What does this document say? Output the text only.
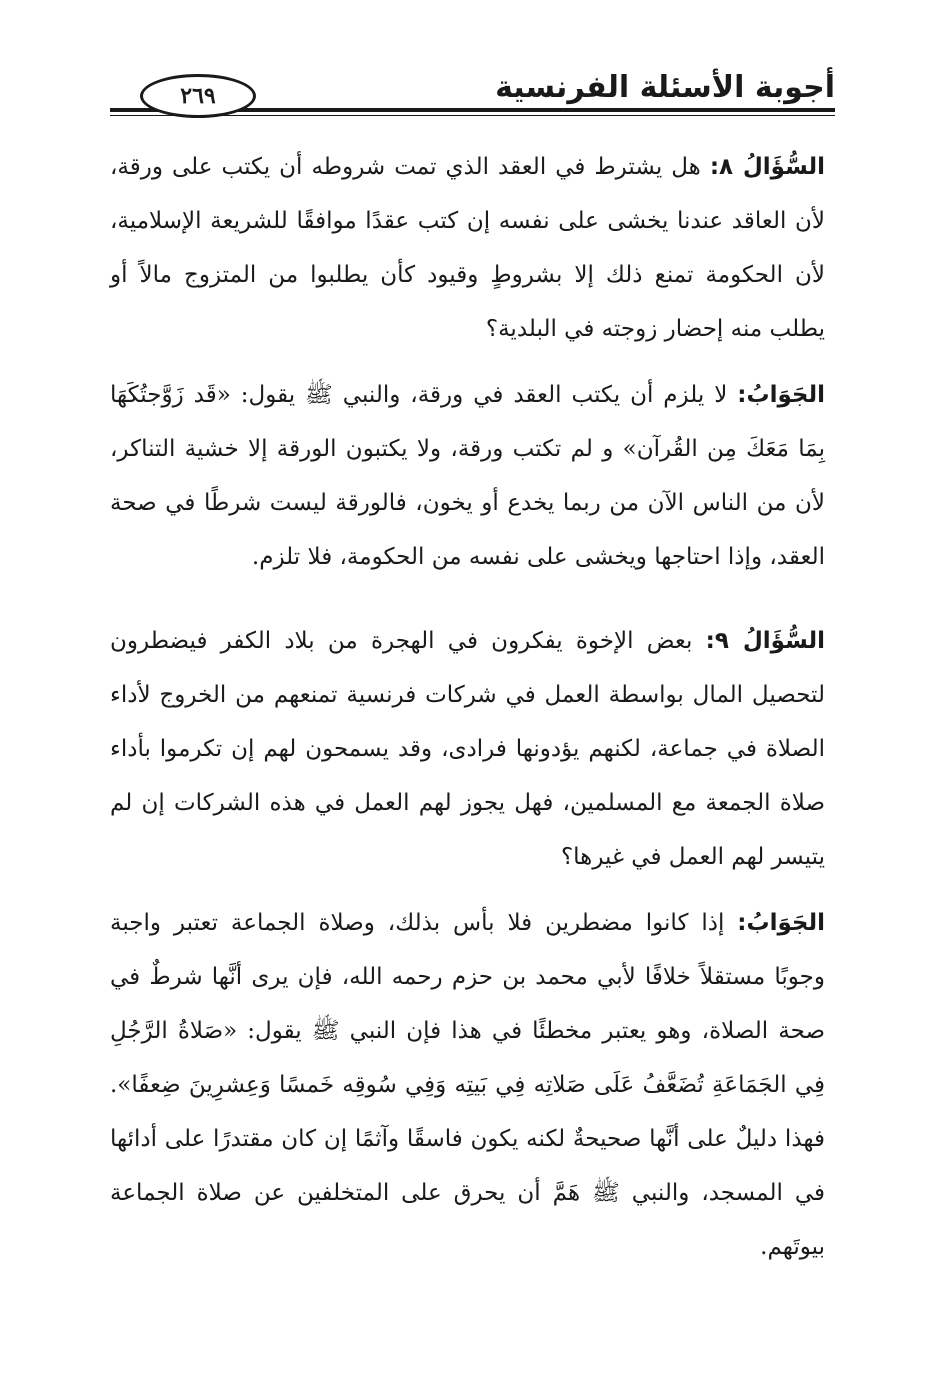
أجوبة الأسئلة الفرنسية
٢٦٩
السُّؤَالُ ٨: هل يشترط في العقد الذي تمت شروطه أن يكتب على ورقة، لأن العاقد عندنا يخشى على نفسه إن كتب عقدًا موافقًا للشريعة الإسلامية، لأن الحكومة تمنع ذلك إلا بشروطٍ وقيود كأن يطلبوا من المتزوج مالاً أو يطلب منه إحضار زوجته في البلدية؟
الجَوَابُ: لا يلزم أن يكتب العقد في ورقة، والنبي ﷺ يقول: «قَد زَوَّجتُكَهَا بِمَا مَعَكَ مِن القُرآن» و لم تكتب ورقة، ولا يكتبون الورقة إلا خشية التناكر، لأن من الناس الآن من ربما يخدع أو يخون، فالورقة ليست شرطًا في صحة العقد، وإذا احتاجها ويخشى على نفسه من الحكومة، فلا تلزم.
السُّؤَالُ ٩: بعض الإخوة يفكرون في الهجرة من بلاد الكفر فيضطرون لتحصيل المال بواسطة العمل في شركات فرنسية تمنعهم من الخروج لأداء الصلاة في جماعة، لكنهم يؤدونها فرادى، وقد يسمحون لهم إن تكرموا بأداء صلاة الجمعة مع المسلمين، فهل يجوز لهم العمل في هذه الشركات إن لم يتيسر لهم العمل في غيرها؟
الجَوَابُ: إذا كانوا مضطرين فلا بأس بذلك، وصلاة الجماعة تعتبر واجبة وجوبًا مستقلاً خلافًا لأبي محمد بن حزم رحمه الله، فإن يرى أنَّها شرطٌ في صحة الصلاة، وهو يعتبر مخطئًا في هذا فإن النبي ﷺ يقول: «صَلاةُ الرَّجُلِ فِي الجَمَاعَةِ تُضَعَّفُ عَلَى صَلاتِه فِي بَيتِه وَفِي سُوقِه خَمسًا وَعِشرِينَ ضِعفًا». فهذا دليلٌ على أنَّها صحيحةٌ لكنه يكون فاسقًا وآثمًا إن كان مقتدرًا على أدائها في المسجد، والنبي ﷺ هَمَّ أن يحرق على المتخلفين عن صلاة الجماعة بيوتَهم.
